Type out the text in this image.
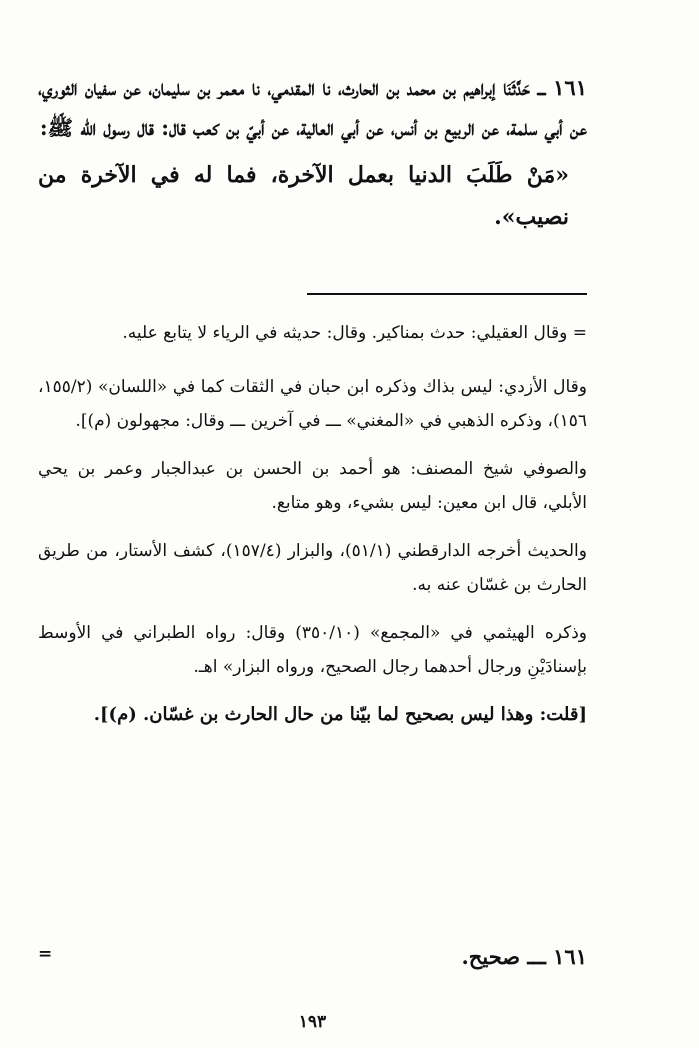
١٦١ ـــ حَدَّثَنَا إبراهيم بن محمد بن الحارث، نا المقدمي، نا معمر بن سليمان، عن سفيان الثوري، عن أبي سلمة، عن الربيع بن أنس، عن أبي العالية، عن أبيّ بن كعب قال: قال رسول الله ﷺ:

«مَنْ طَلَبَ الدنيا بعمل الآخرة، فما له في الآخرة من نصيب».

= وقال العقيلي: حدث بمناكير. وقال: حديثه في الرياء لا يتابع عليه.

وقال الأزدي: ليس بذاك وذكره ابن حبان في الثقات كما في «اللسان» (١٥٥/٢، ١٥٦)، وذكره الذهبي في «المغني» ـــ في آخرين ـــ وقال: مجهولون (م)].

والصوفي شيخ المصنف: هو أحمد بن الحسن بن عبدالجبار وعمر بن يحي الأبلي، قال ابن معين: ليس بشيء، وهو متابع.

والحديث أخرجه الدارقطني (٥١/١)، والبزار (١٥٧/٤)، كشف الأستار، من طريق الحارث بن غسّان عنه به.

وذكره الهيثمي في «المجمع» (٣٥٠/١٠) وقال: رواه الطبراني في الأوسط بإسنادَيْنِ ورجال أحدهما رجال الصحيح، ورواه البزار» اهـ.

[قلت: وهذا ليس بصحيح لما بيّنا من حال الحارث بن غسّان. (م)].

١٦١ ـــ صحيح.
=
١٩٣
